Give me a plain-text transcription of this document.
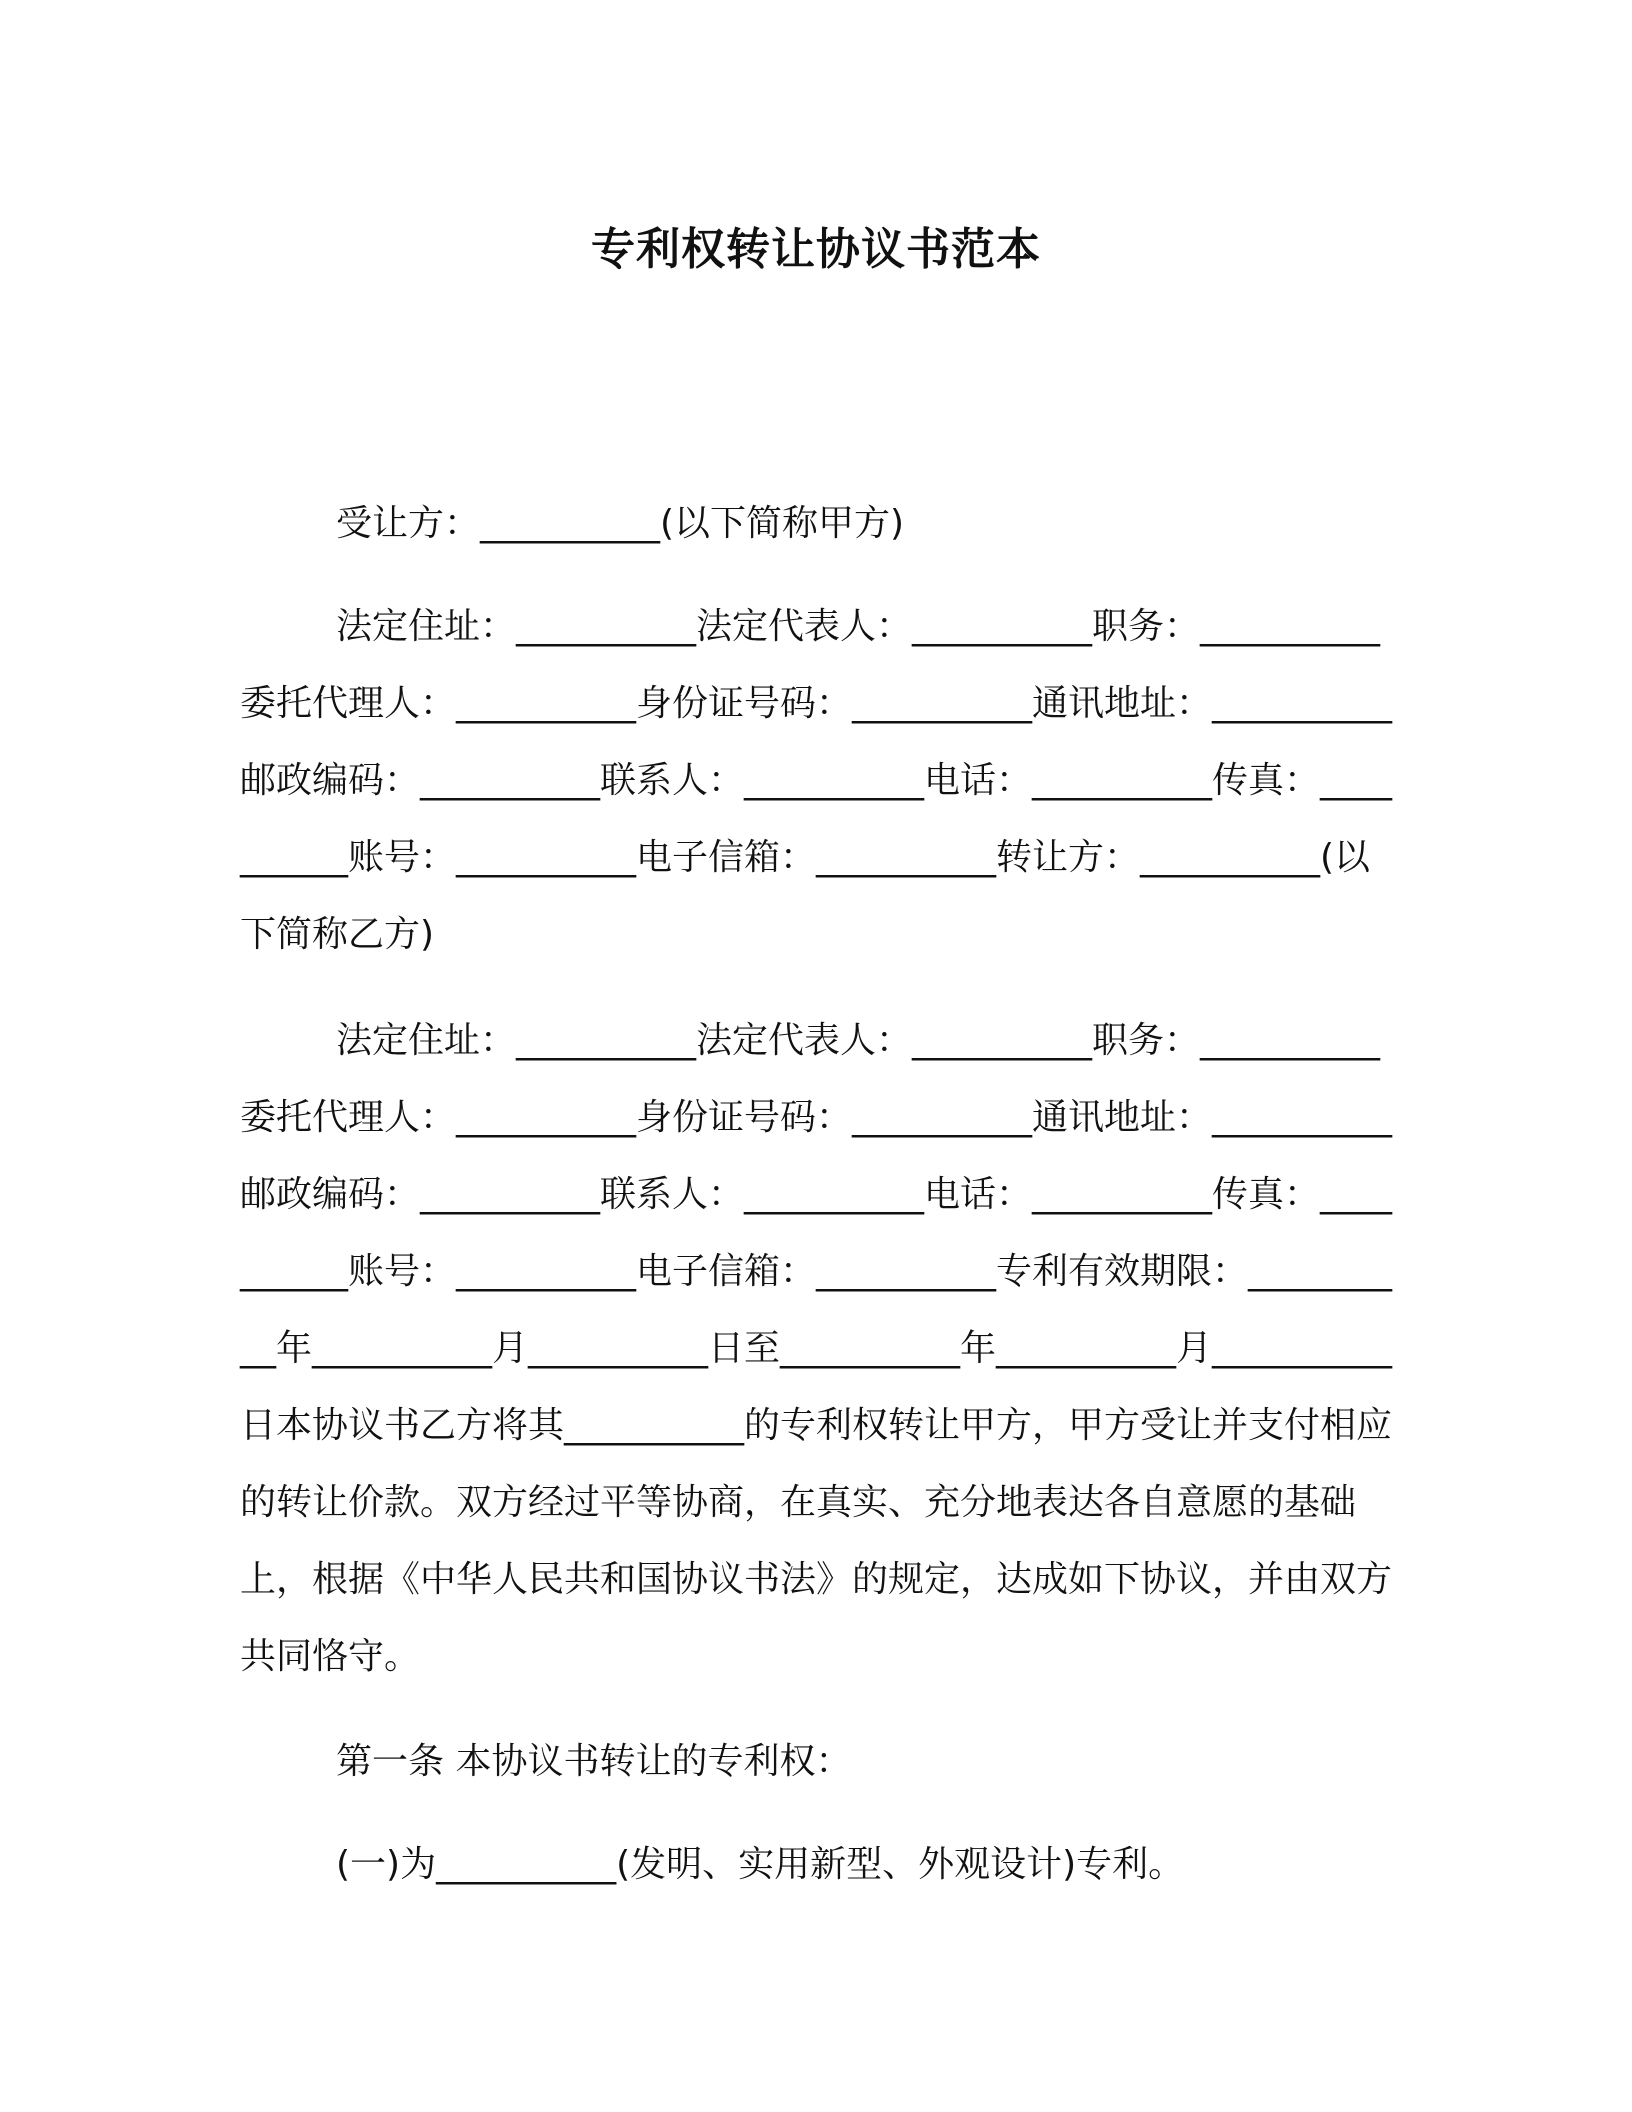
专利权转让协议书范本

受让方：__________(以下简称甲方)

法定住址：__________法定代表人：__________职务：__________委托代理人：__________身份证号码：__________通讯地址：__________邮政编码：__________联系人：__________电话：__________传真：__________账号：__________电子信箱：__________转让方：__________(以下简称乙方)

法定住址：__________法定代表人：__________职务：__________委托代理人：__________身份证号码：__________通讯地址：__________邮政编码：__________联系人：__________电话：__________传真：__________账号：__________电子信箱：__________专利有效期限：__________年__________月__________日至__________年__________月__________日本协议书乙方将其__________的专利权转让甲方，甲方受让并支付相应的转让价款。双方经过平等协商，在真实、充分地表达各自意愿的基础上，根据《中华人民共和国协议书法》的规定，达成如下协议，并由双方共同恪守。

第一条 本协议书转让的专利权：

(一)为__________(发明、实用新型、外观设计)专利。
